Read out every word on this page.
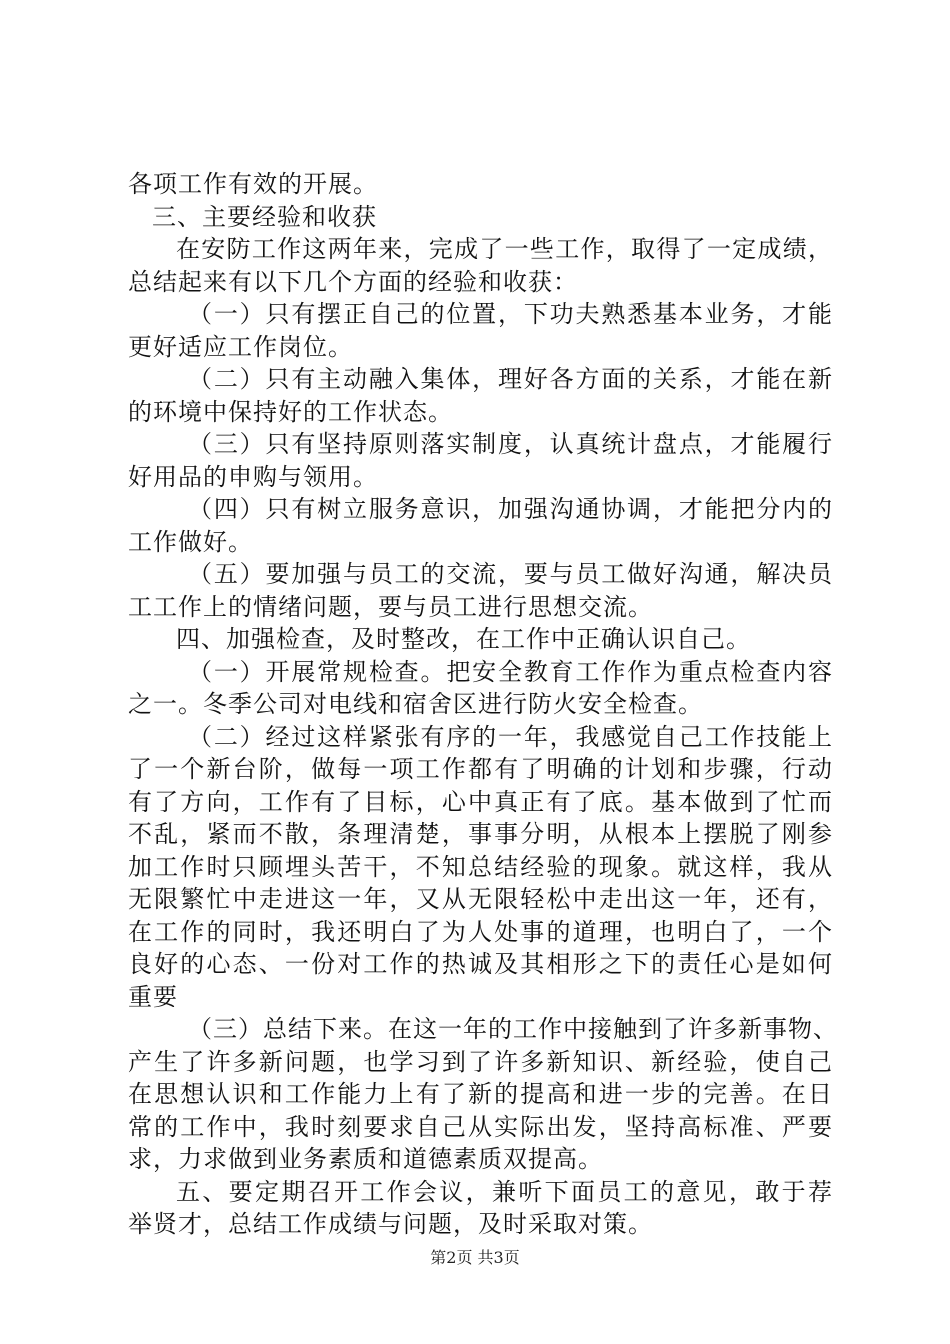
各项工作有效的开展。
三、主要经验和收获
在安防工作这两年来，完成了一些工作，取得了一定成绩，
总结起来有以下几个方面的经验和收获：
（一）只有摆正自己的位置，下功夫熟悉基本业务，才能
更好适应工作岗位。
（二）只有主动融入集体，理好各方面的关系，才能在新
的环境中保持好的工作状态。
（三）只有坚持原则落实制度，认真统计盘点，才能履行
好用品的申购与领用。
（四）只有树立服务意识，加强沟通协调，才能把分内的
工作做好。
（五）要加强与员工的交流，要与员工做好沟通，解决员
工工作上的情绪问题，要与员工进行思想交流。
四、加强检查，及时整改，在工作中正确认识自己。
（一）开展常规检查。把安全教育工作作为重点检查内容
之一。冬季公司对电线和宿舍区进行防火安全检查。
（二）经过这样紧张有序的一年，我感觉自己工作技能上
了一个新台阶，做每一项工作都有了明确的计划和步骤，行动
有了方向，工作有了目标，心中真正有了底。基本做到了忙而
不乱，紧而不散，条理清楚，事事分明，从根本上摆脱了刚参
加工作时只顾埋头苦干，不知总结经验的现象。就这样，我从
无限繁忙中走进这一年，又从无限轻松中走出这一年，还有，
在工作的同时，我还明白了为人处事的道理，也明白了，一个
良好的心态、一份对工作的热诚及其相形之下的责任心是如何
重要
（三）总结下来。在这一年的工作中接触到了许多新事物、
产生了许多新问题，也学习到了许多新知识、新经验，使自己
在思想认识和工作能力上有了新的提高和进一步的完善。在日
常的工作中，我时刻要求自己从实际出发，坚持高标准、严要
求，力求做到业务素质和道德素质双提高。
五、要定期召开工作会议，兼听下面员工的意见，敢于荐
举贤才，总结工作成绩与问题，及时采取对策。
第2页 共3页
